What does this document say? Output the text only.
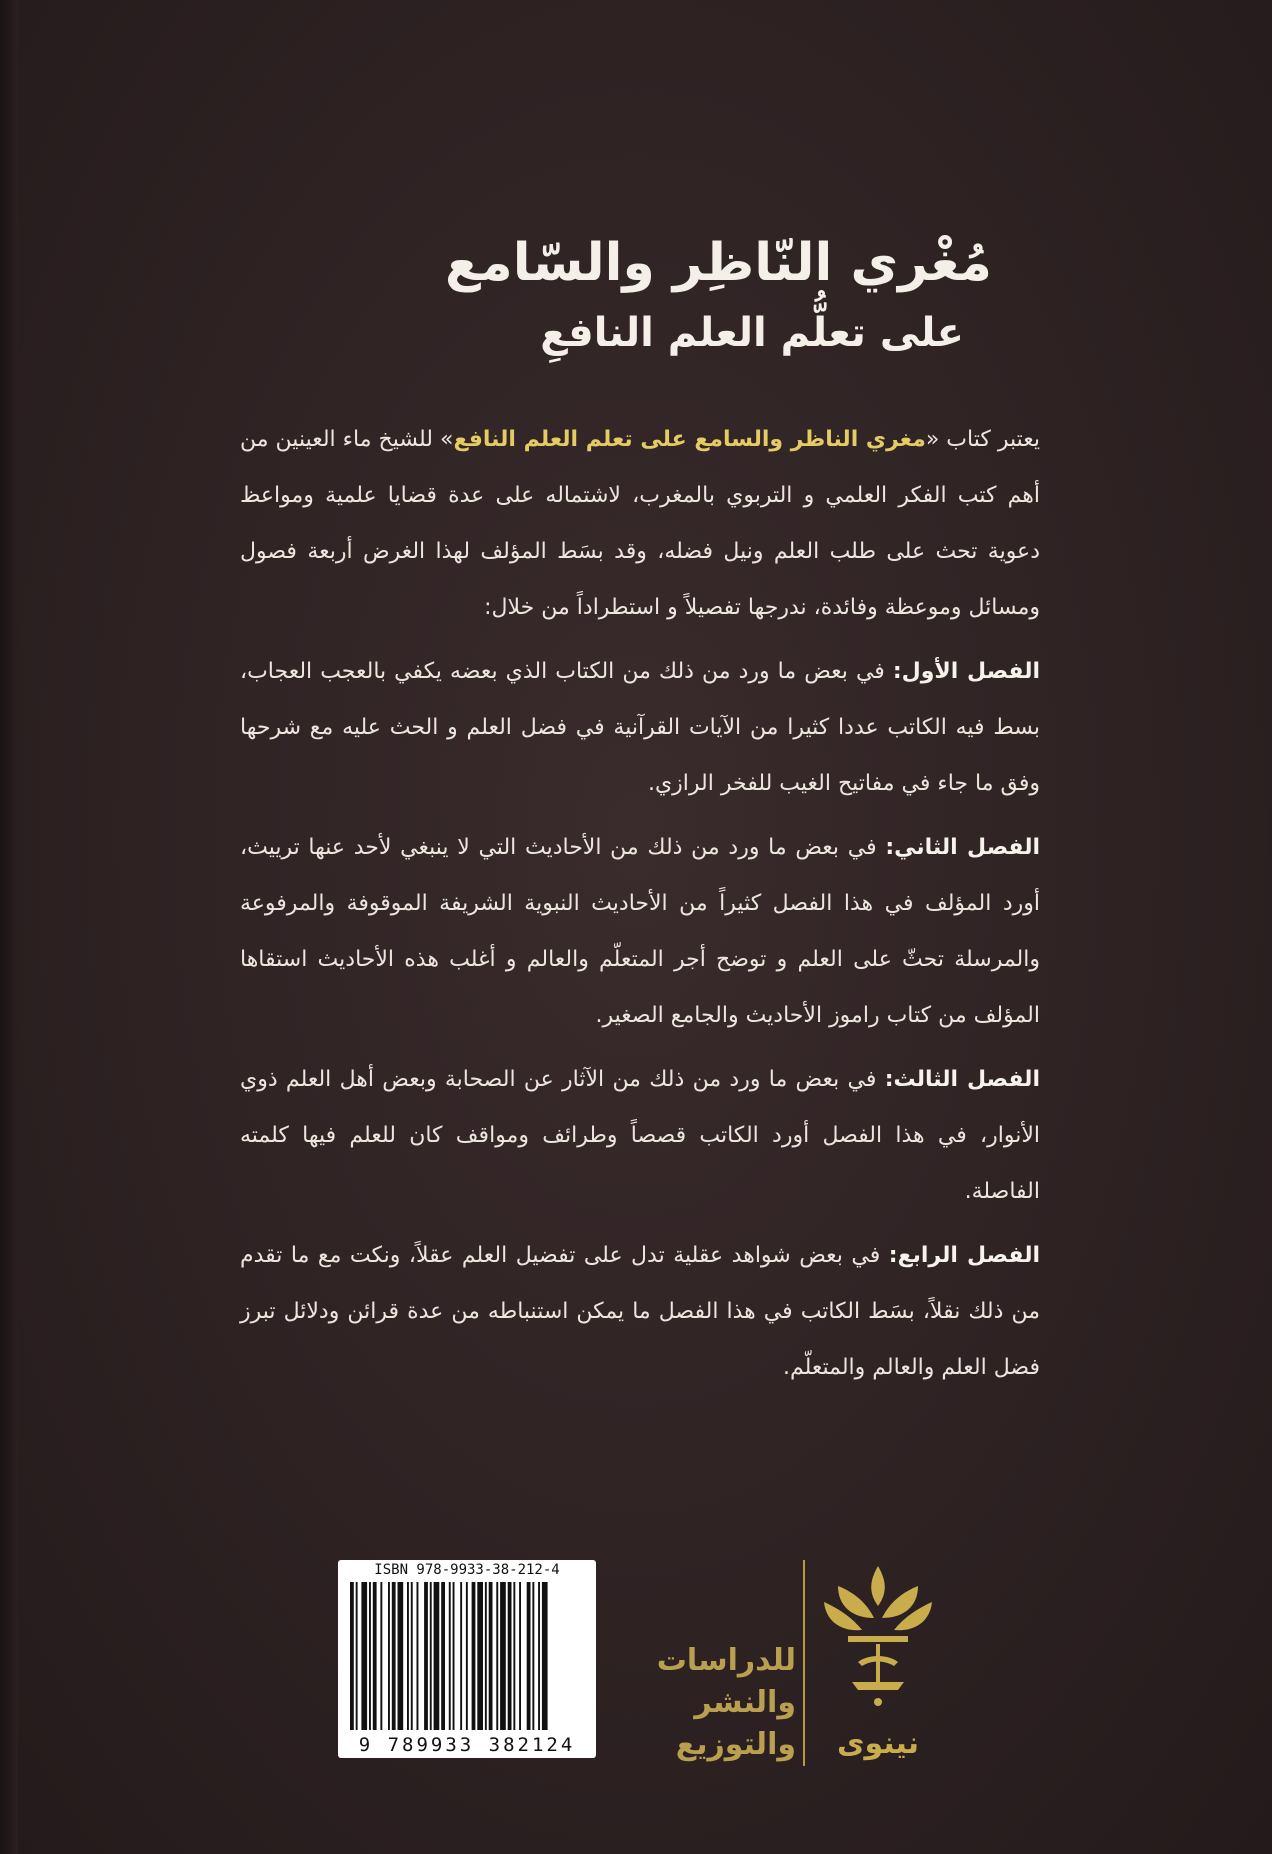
مُغْري النّاظِر والسّامع
على تعلُّم العلم النافعِ

يعتبر كتاب «مغري الناظر والسامع على تعلم العلم النافع» للشيخ ماء العينين من أهم كتب الفكر العلمي و التربوي بالمغرب، لاشتماله على عدة قضايا علمية ومواعظ دعوية تحث على طلب العلم ونيل فضله، وقد بسَط المؤلف لهذا الغرض أربعة فصول ومسائل وموعظة وفائدة، ندرجها تفصيلاً و استطراداً من خلال:

الفصل الأول: في بعض ما ورد من ذلك من الكتاب الذي بعضه يكفي بالعجب العجاب، بسط فيه الكاتب عددا كثيرا من الآيات القرآنية في فضل العلم و الحث عليه مع شرحها وفق ما جاء في مفاتيح الغيب للفخر الرازي.

الفصل الثاني: في بعض ما ورد من ذلك من الأحاديث التي لا ينبغي لأحد عنها ترييث، أورد المؤلف في هذا الفصل كثيراً من الأحاديث النبوية الشريفة الموقوفة والمرفوعة والمرسلة تحثّ على العلم و توضح أجر المتعلّم والعالم و أغلب هذه الأحاديث استقاها المؤلف من كتاب راموز الأحاديث والجامع الصغير.

الفصل الثالث: في بعض ما ورد من ذلك من الآثار عن الصحابة وبعض أهل العلم ذوي الأنوار، في هذا الفصل أورد الكاتب قصصاً وطرائف ومواقف كان للعلم فيها كلمته الفاصلة.

الفصل الرابع: في بعض شواهد عقلية تدل على تفضيل العلم عقلاً، ونكت مع ما تقدم من ذلك نقلاً، بسَط الكاتب في هذا الفصل ما يمكن استنباطه من عدة قرائن ودلائل تبرز فضل العلم والعالم والمتعلّم.

ISBN 978-9933-38-212-4
9 789933 382124
للدراسات
والنشر
والتوزيع	نينوى
